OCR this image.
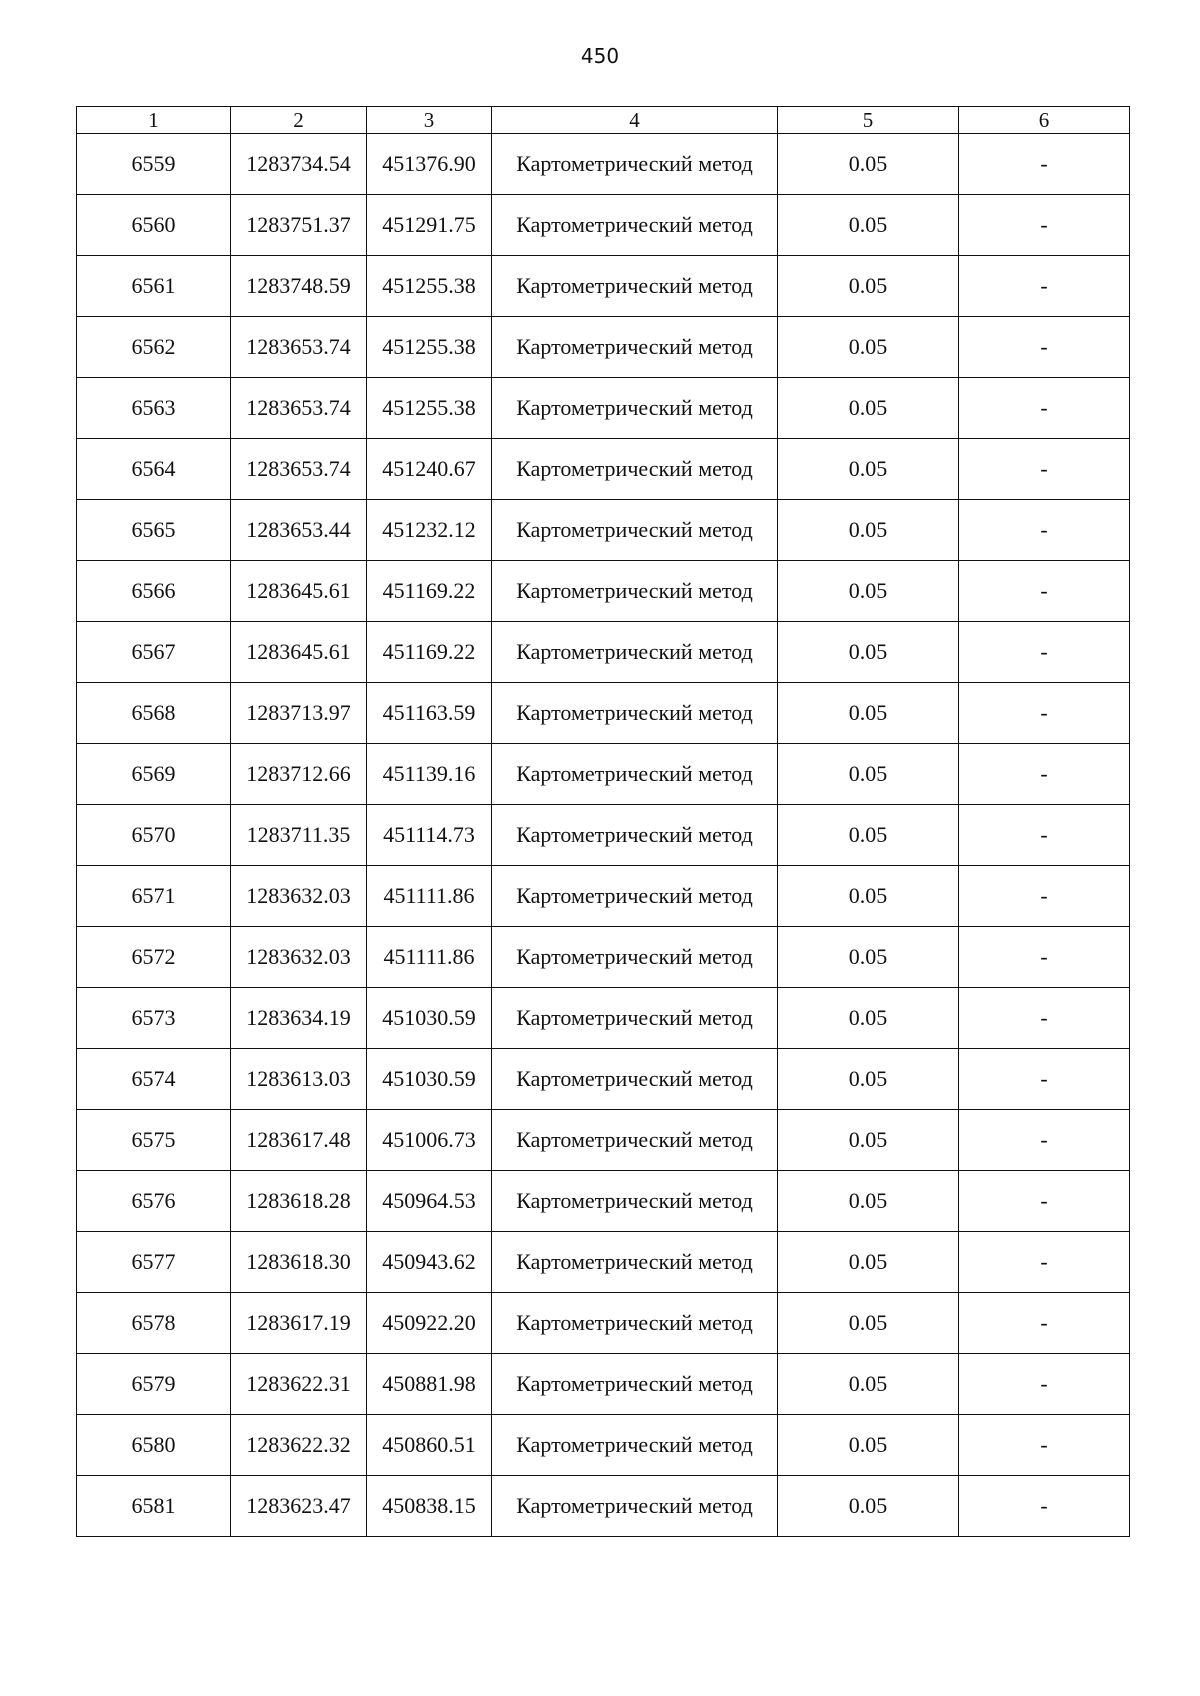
450
1	2	3	4	5	6
6559	1283734.54	451376.90	Картометрический метод	0.05	-
6560	1283751.37	451291.75	Картометрический метод	0.05	-
6561	1283748.59	451255.38	Картометрический метод	0.05	-
6562	1283653.74	451255.38	Картометрический метод	0.05	-
6563	1283653.74	451255.38	Картометрический метод	0.05	-
6564	1283653.74	451240.67	Картометрический метод	0.05	-
6565	1283653.44	451232.12	Картометрический метод	0.05	-
6566	1283645.61	451169.22	Картометрический метод	0.05	-
6567	1283645.61	451169.22	Картометрический метод	0.05	-
6568	1283713.97	451163.59	Картометрический метод	0.05	-
6569	1283712.66	451139.16	Картометрический метод	0.05	-
6570	1283711.35	451114.73	Картометрический метод	0.05	-
6571	1283632.03	451111.86	Картометрический метод	0.05	-
6572	1283632.03	451111.86	Картометрический метод	0.05	-
6573	1283634.19	451030.59	Картометрический метод	0.05	-
6574	1283613.03	451030.59	Картометрический метод	0.05	-
6575	1283617.48	451006.73	Картометрический метод	0.05	-
6576	1283618.28	450964.53	Картометрический метод	0.05	-
6577	1283618.30	450943.62	Картометрический метод	0.05	-
6578	1283617.19	450922.20	Картометрический метод	0.05	-
6579	1283622.31	450881.98	Картометрический метод	0.05	-
6580	1283622.32	450860.51	Картометрический метод	0.05	-
6581	1283623.47	450838.15	Картометрический метод	0.05	-
